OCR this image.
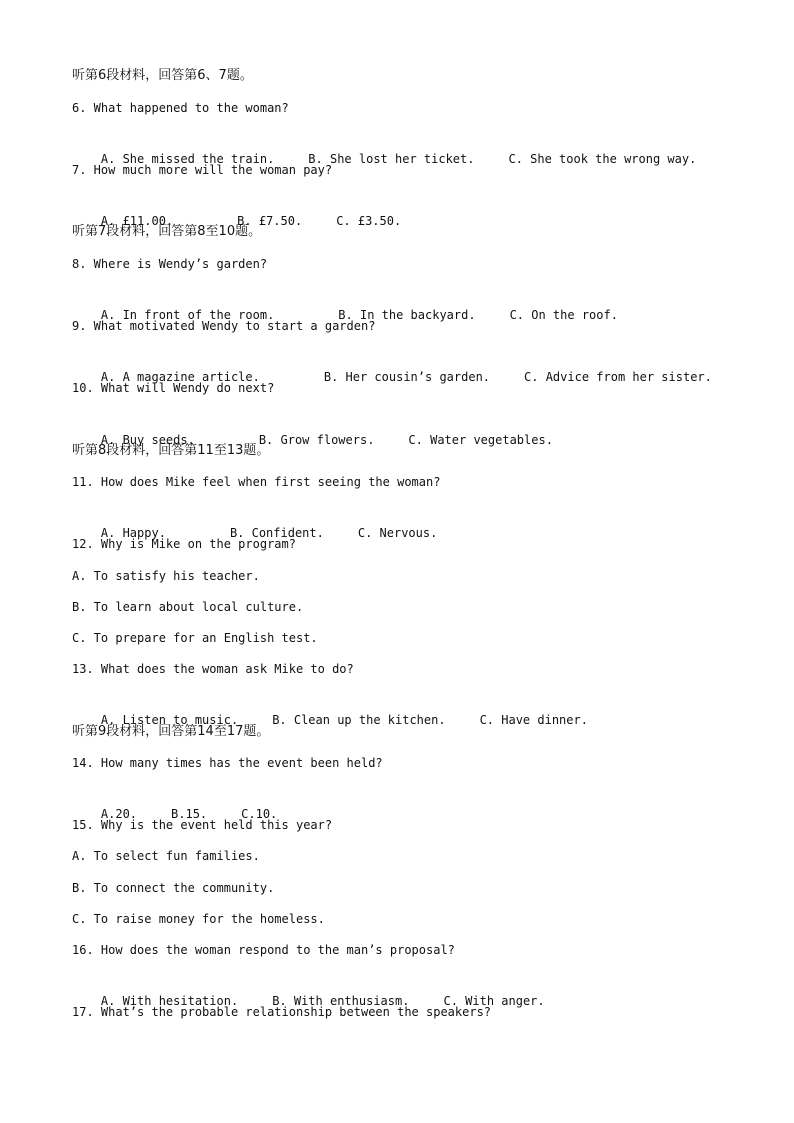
听第6段材料，回答第6、7题。
6. What happened to the woman?

A. She missed the train.	B. She lost her ticket.	C. She took the wrong way.

7. How much more will the woman pay?

A. £11.00.	B. £7.50.	C. £3.50.

听第7段材料，回答第8至10题。
8. Where is Wendy’s garden?

A. In front of the room.	B. In the backyard.	C. On the roof.

9. What motivated Wendy to start a garden?

A. A magazine article.	B. Her cousin’s garden.	C. Advice from her sister.

10. What will Wendy do next?

A. Buy seeds.	B. Grow flowers.	C. Water vegetables.

听第8段材料，回答第11至13题。
11. How does Mike feel when first seeing the woman?

A. Happy.	B. Confident.	C. Nervous.

12. Why is Mike on the program?
A. To satisfy his teacher.
B. To learn about local culture.
C. To prepare for an English test.
13. What does the woman ask Mike to do?

A. Listen to music.	B. Clean up the kitchen.	C. Have dinner.

听第9段材料，回答第14至17题。
14. How many times has the event been held?

A.20.	B.15.	C.10.

15. Why is the event held this year?
A. To select fun families.
B. To connect the community.
C. To raise money for the homeless.
16. How does the woman respond to the man’s proposal?

A. With hesitation.	B. With enthusiasm.	C. With anger.

17. What’s the probable relationship between the speakers?
